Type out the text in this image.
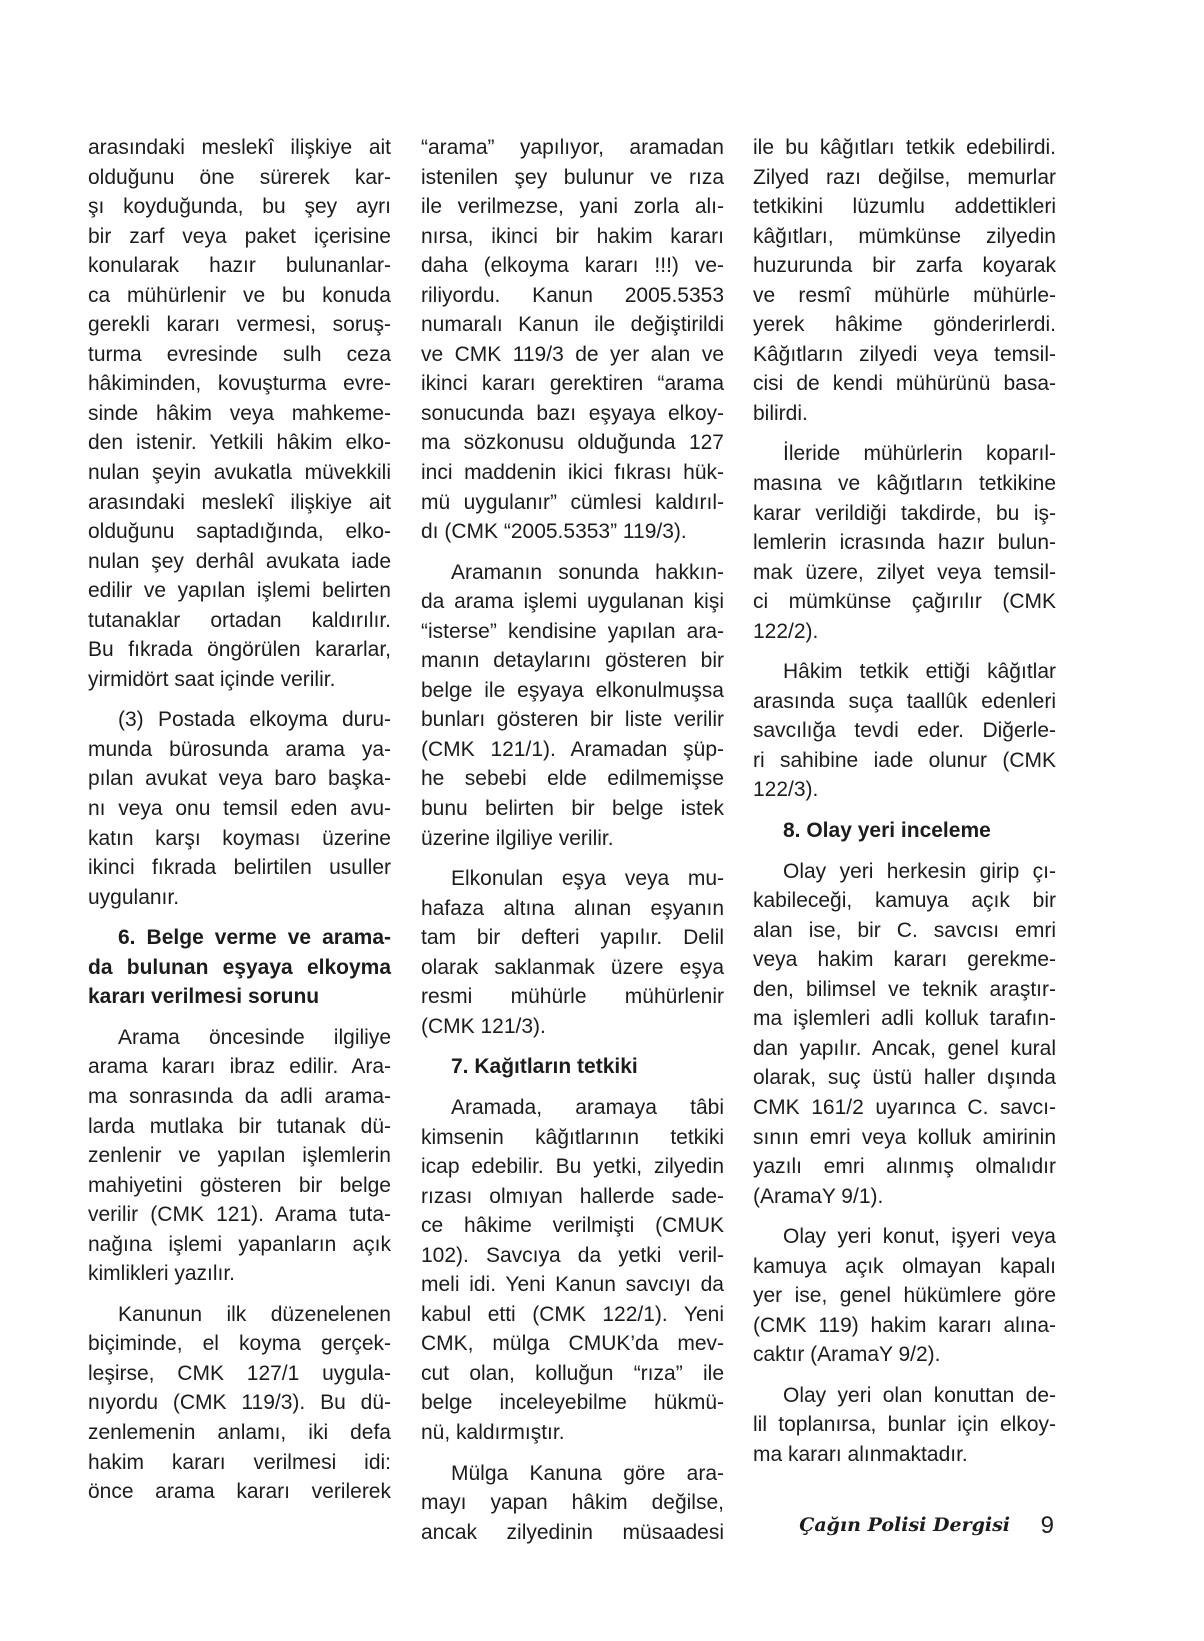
arasındaki meslekî ilişkiye ait
olduğunu öne sürerek kar-
şı koyduğunda, bu şey ayrı
bir zarf veya paket içerisine
konularak hazır bulunanlar-
ca mühürlenir ve bu konuda
gerekli kararı vermesi, soruş-
turma evresinde sulh ceza
hâkiminden, kovuşturma evre-
sinde hâkim veya mahkeme-
den istenir. Yetkili hâkim elko-
nulan şeyin avukatla müvekkili
arasındaki meslekî ilişkiye ait
olduğunu saptadığında, elko-
nulan şey derhâl avukata iade
edilir ve yapılan işlemi belirten
tutanaklar ortadan kaldırılır.
Bu fıkrada öngörülen kararlar,
yirmidört saat içinde verilir.
(3) Postada elkoyma duru-
munda bürosunda arama ya-
pılan avukat veya baro başka-
nı veya onu temsil eden avu-
katın karşı koyması üzerine
ikinci fıkrada belirtilen usuller
uygulanır.
6. Belge verme ve arama-
da bulunan eşyaya elkoyma
kararı verilmesi sorunu
Arama öncesinde ilgiliye
arama kararı ibraz edilir. Ara-
ma sonrasında da adli arama-
larda mutlaka bir tutanak dü-
zenlenir ve yapılan işlemlerin
mahiyetini gösteren bir belge
verilir (CMK 121). Arama tuta-
nağına işlemi yapanların açık
kimlikleri yazılır.
Kanunun ilk düzenelenen
biçiminde, el koyma gerçek-
leşirse, CMK 127/1 uygula-
nıyordu (CMK 119/3). Bu dü-
zenlemenin anlamı, iki defa
hakim kararı verilmesi idi:
önce arama kararı verilerek
“arama” yapılıyor, aramadan
istenilen şey bulunur ve rıza
ile verilmezse, yani zorla alı-
nırsa, ikinci bir hakim kararı
daha (elkoyma kararı !!!) ve-
riliyordu. Kanun 2005.5353
numaralı Kanun ile değiştirildi
ve CMK 119/3 de yer alan ve
ikinci kararı gerektiren “arama
sonucunda bazı eşyaya elkoy-
ma sözkonusu olduğunda 127
inci maddenin ikici fıkrası hük-
mü uygulanır” cümlesi kaldırıl-
dı (CMK “2005.5353” 119/3).
Aramanın sonunda hakkın-
da arama işlemi uygulanan kişi
“isterse” kendisine yapılan ara-
manın detaylarını gösteren bir
belge ile eşyaya elkonulmuşsa
bunları gösteren bir liste verilir
(CMK 121/1). Aramadan şüp-
he sebebi elde edilmemişse
bunu belirten bir belge istek
üzerine ilgiliye verilir.
Elkonulan eşya veya mu-
hafaza altına alınan eşyanın
tam bir defteri yapılır. Delil
olarak saklanmak üzere eşya
resmi mühürle mühürlenir
(CMK 121/3).
7. Kağıtların tetkiki
Aramada, aramaya tâbi
kimsenin kâğıtlarının tetkiki
icap edebilir. Bu yetki, zilyedin
rızası olmıyan hallerde sade-
ce hâkime verilmişti (CMUK
102). Savcıya da yetki veril-
meli idi. Yeni Kanun savcıyı da
kabul etti (CMK 122/1). Yeni
CMK, mülga CMUK’da mev-
cut olan, kolluğun “rıza” ile
belge inceleyebilme hükmü-
nü, kaldırmıştır.
Mülga Kanuna göre ara-
mayı yapan hâkim değilse,
ancak zilyedinin müsaadesi
ile bu kâğıtları tetkik edebilirdi.
Zilyed razı değilse, memurlar
tetkikini lüzumlu addettikleri
kâğıtları, mümkünse zilyedin
huzurunda bir zarfa koyarak
ve resmî mühürle mühürle-
yerek hâkime gönderirlerdi.
Kâğıtların zilyedi veya temsil-
cisi de kendi mühürünü basa-
bilirdi.
İleride mühürlerin koparıl-
masına ve kâğıtların tetkikine
karar verildiği takdirde, bu iş-
lemlerin icrasında hazır bulun-
mak üzere, zilyet veya temsil-
ci mümkünse çağırılır (CMK
122/2).
Hâkim tetkik ettiği kâğıtlar
arasında suça taallûk edenleri
savcılığa tevdi eder. Diğerle-
ri sahibine iade olunur (CMK
122/3).
8. Olay yeri inceleme
Olay yeri herkesin girip çı-
kabileceği, kamuya açık bir
alan ise, bir C. savcısı emri
veya hakim kararı gerekme-
den, bilimsel ve teknik araştır-
ma işlemleri adli kolluk tarafın-
dan yapılır. Ancak, genel kural
olarak, suç üstü haller dışında
CMK 161/2 uyarınca C. savcı-
sının emri veya kolluk amirinin
yazılı emri alınmış olmalıdır
(AramaY 9/1).
Olay yeri konut, işyeri veya
kamuya açık olmayan kapalı
yer ise, genel hükümlere göre
(CMK 119) hakim kararı alına-
caktır (AramaY 9/2).
Olay yeri olan konuttan de-
lil toplanırsa, bunlar için elkoy-
ma kararı alınmaktadır.
Çağın Polisi Dergisi 9
